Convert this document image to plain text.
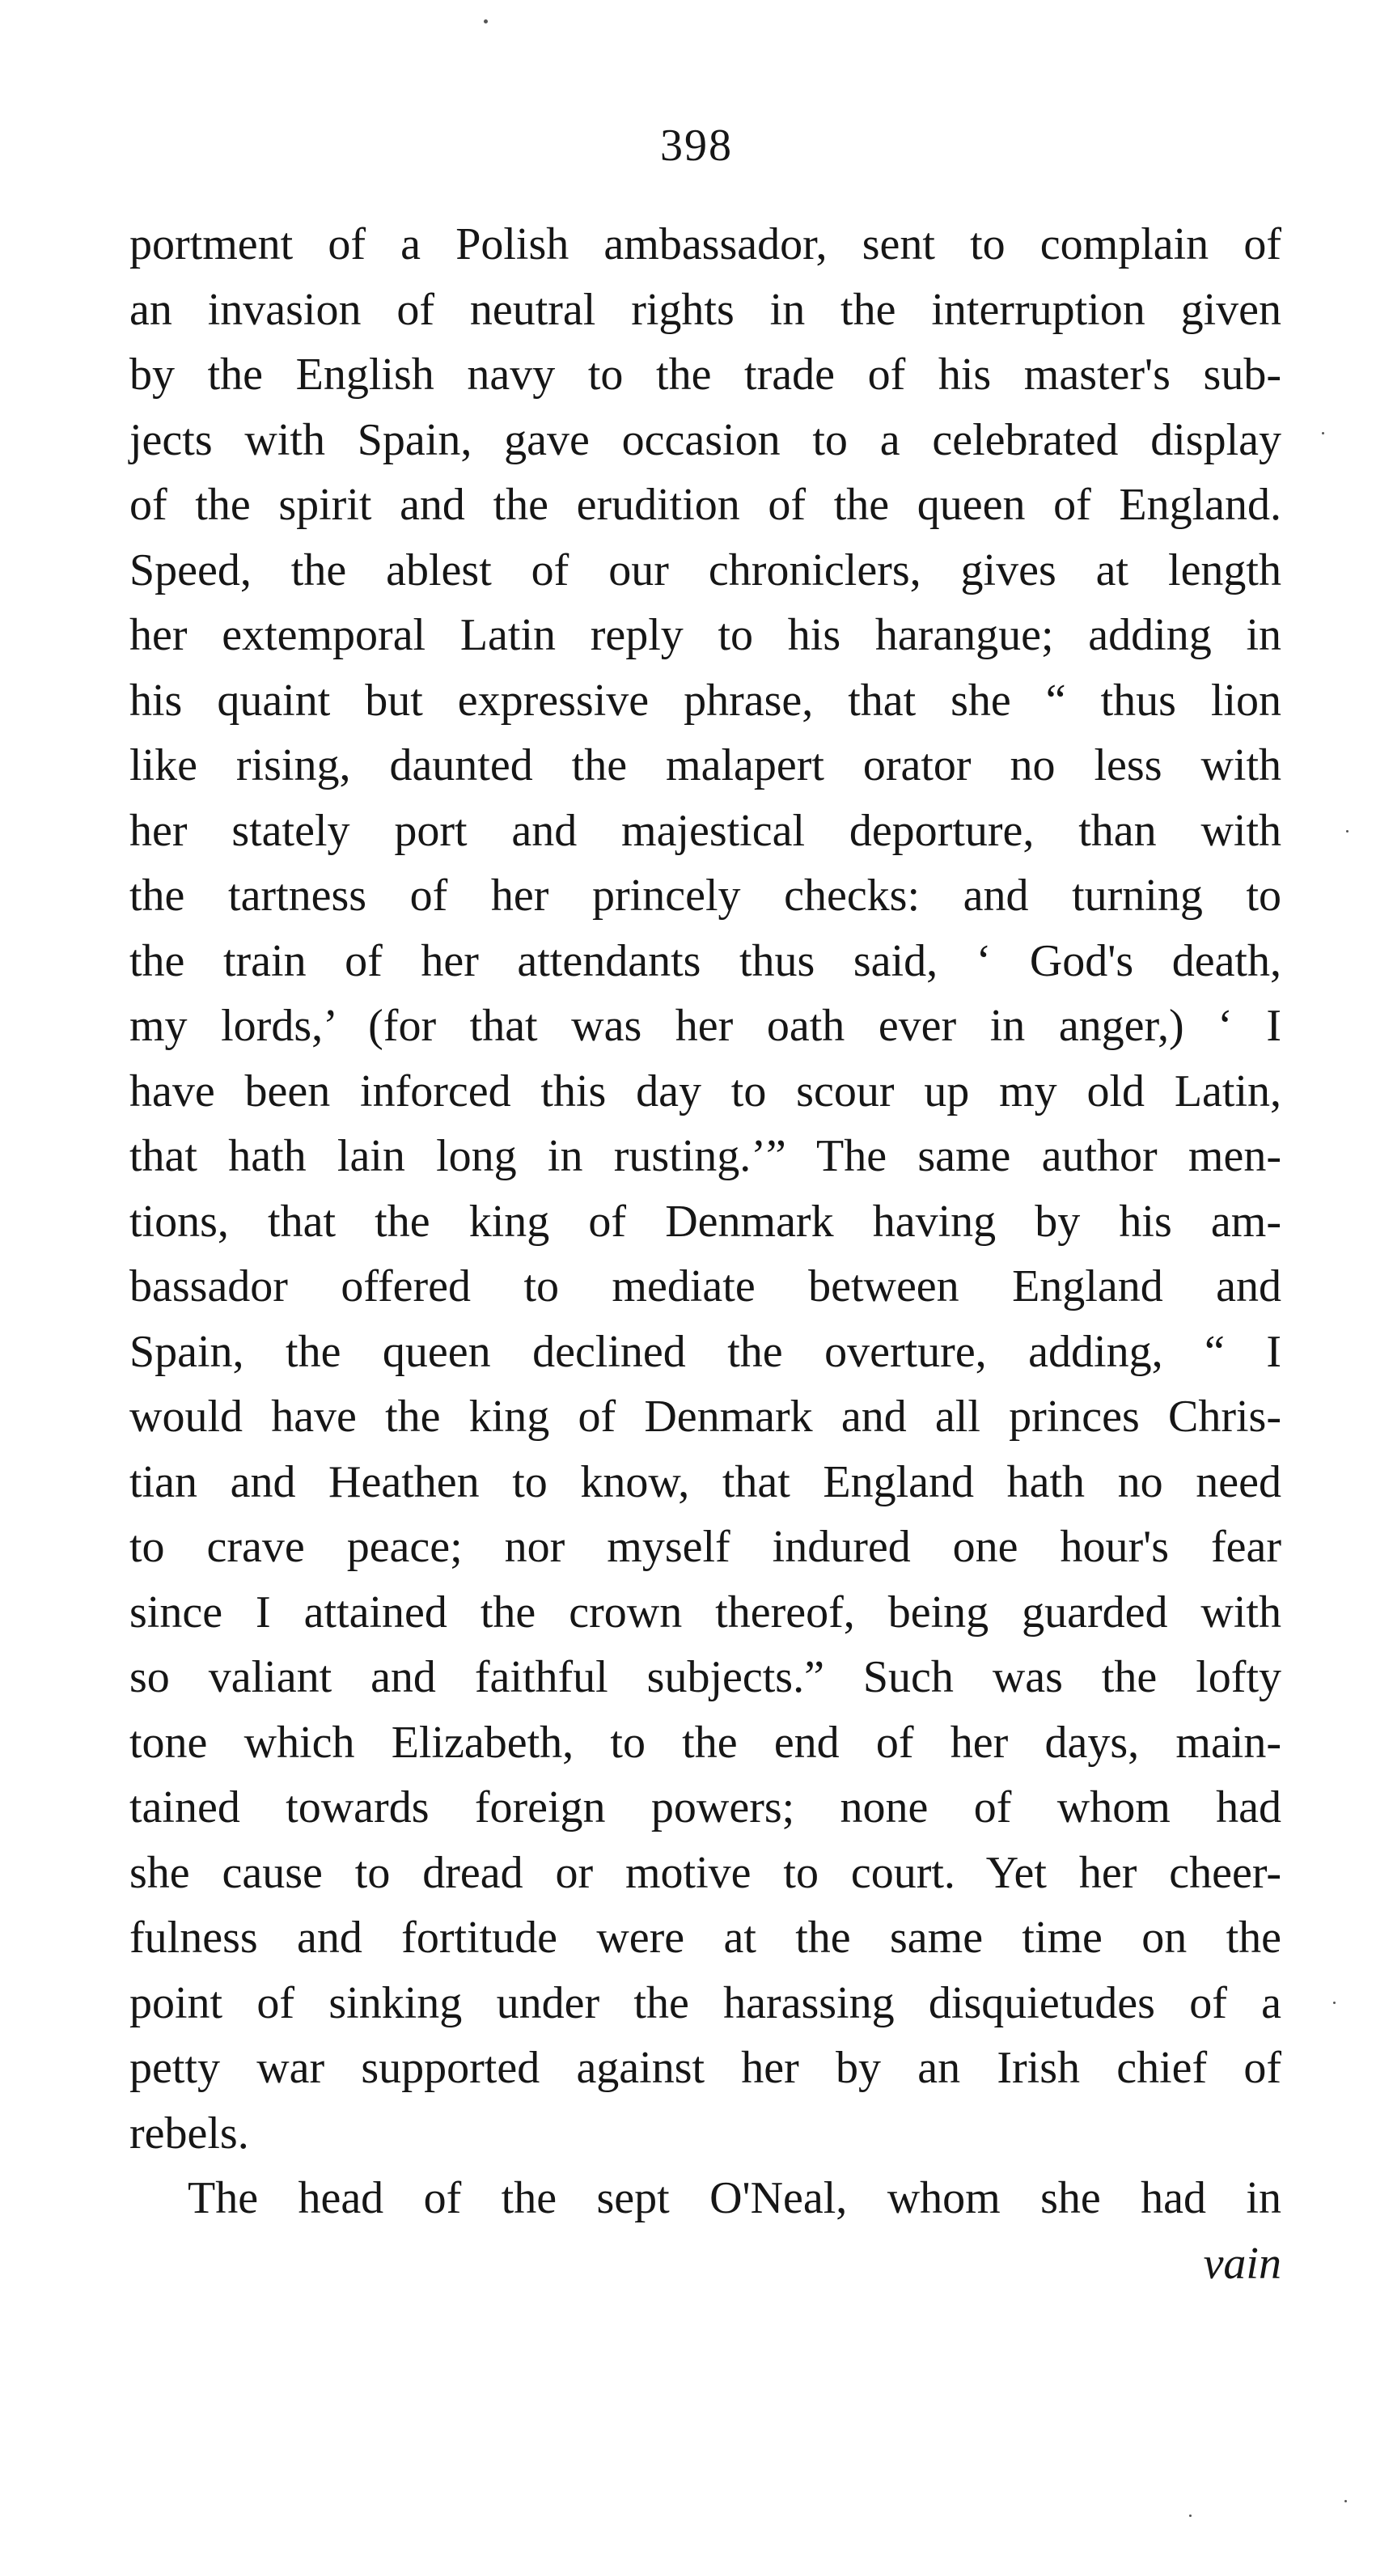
398
portment of a Polish ambassador, sent to complain of
an invasion of neutral rights in the interruption given
by the English navy to the trade of his master's sub-
jects with Spain, gave occasion to a celebrated display
of the spirit and the erudition of the queen of England.
Speed, the ablest of our chroniclers, gives at length
her extemporal Latin reply to his harangue; adding in
his quaint but expressive phrase, that she “ thus lion
like rising, daunted the malapert orator no less with
her stately port and majestical deporture, than with
the tartness of her princely checks: and turning to
the train of her attendants thus said, ‘ God's death,
my lords,’ (for that was her oath ever in anger,) ‘ I
have been inforced this day to scour up my old Latin,
that hath lain long in rusting.’” The same author men-
tions, that the king of Denmark having by his am-
bassador offered to mediate between England and
Spain, the queen declined the overture, adding, “ I
would have the king of Denmark and all princes Chris-
tian and Heathen to know, that England hath no need
to crave peace; nor myself indured one hour's fear
since I attained the crown thereof, being guarded with
so valiant and faithful subjects.” Such was the lofty
tone which Elizabeth, to the end of her days, main-
tained towards foreign powers; none of whom had
she cause to dread or motive to court. Yet her cheer-
fulness and fortitude were at the same time on the
point of sinking under the harassing disquietudes of a
petty war supported against her by an Irish chief of
rebels.
The head of the sept O'Neal, whom she had in
vain
